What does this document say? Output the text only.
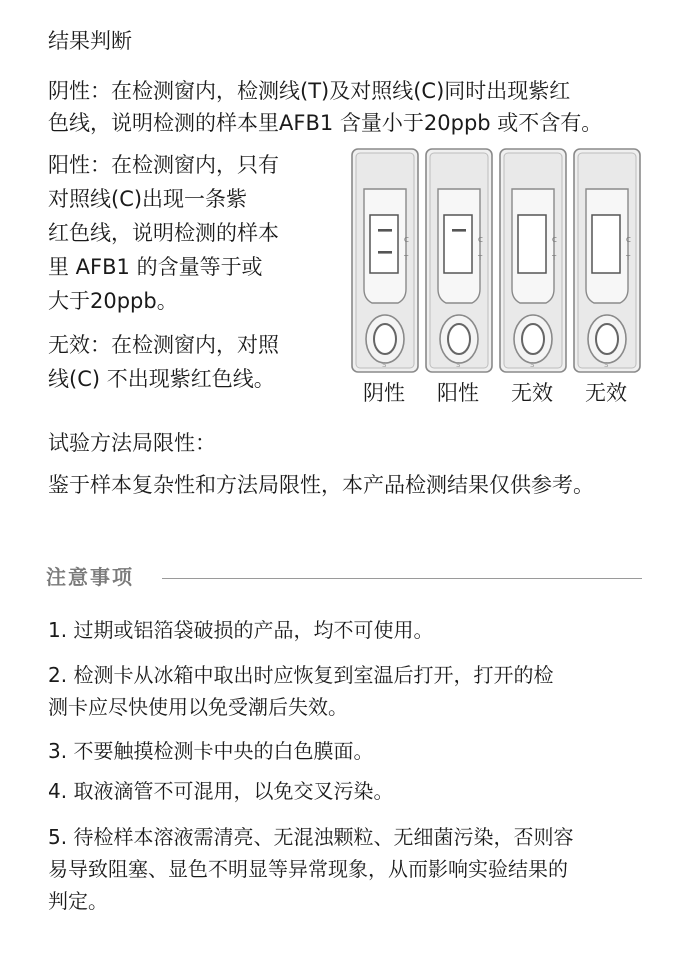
结果判断
阴性：在检测窗内，检测线(T)及对照线(C)同时出现紫红
色线，说明检测的样本里AFB1 含量小于20ppb 或不含有。
阳性：在检测窗内，只有
对照线(C)出现一条紫
红色线，说明检测的样本
里 AFB1 的含量等于或
大于20ppb。
无效：在检测窗内，对照
线(C) 不出现紫红色线。
C
T
S
C
T
S
C
T
S
C
T
S
阴性	阳性	无效	无效
试验方法局限性：
鉴于样本复杂性和方法局限性，本产品检测结果仅供参考。
注意事项
1. 过期或铝箔袋破损的产品，均不可使用。
2. 检测卡从冰箱中取出时应恢复到室温后打开，打开的检
测卡应尽快使用以免受潮后失效。
3. 不要触摸检测卡中央的白色膜面。
4. 取液滴管不可混用，以免交叉污染。
5. 待检样本溶液需清亮、无混浊颗粒、无细菌污染，否则容
易导致阻塞、显色不明显等异常现象，从而影响实验结果的
判定。
